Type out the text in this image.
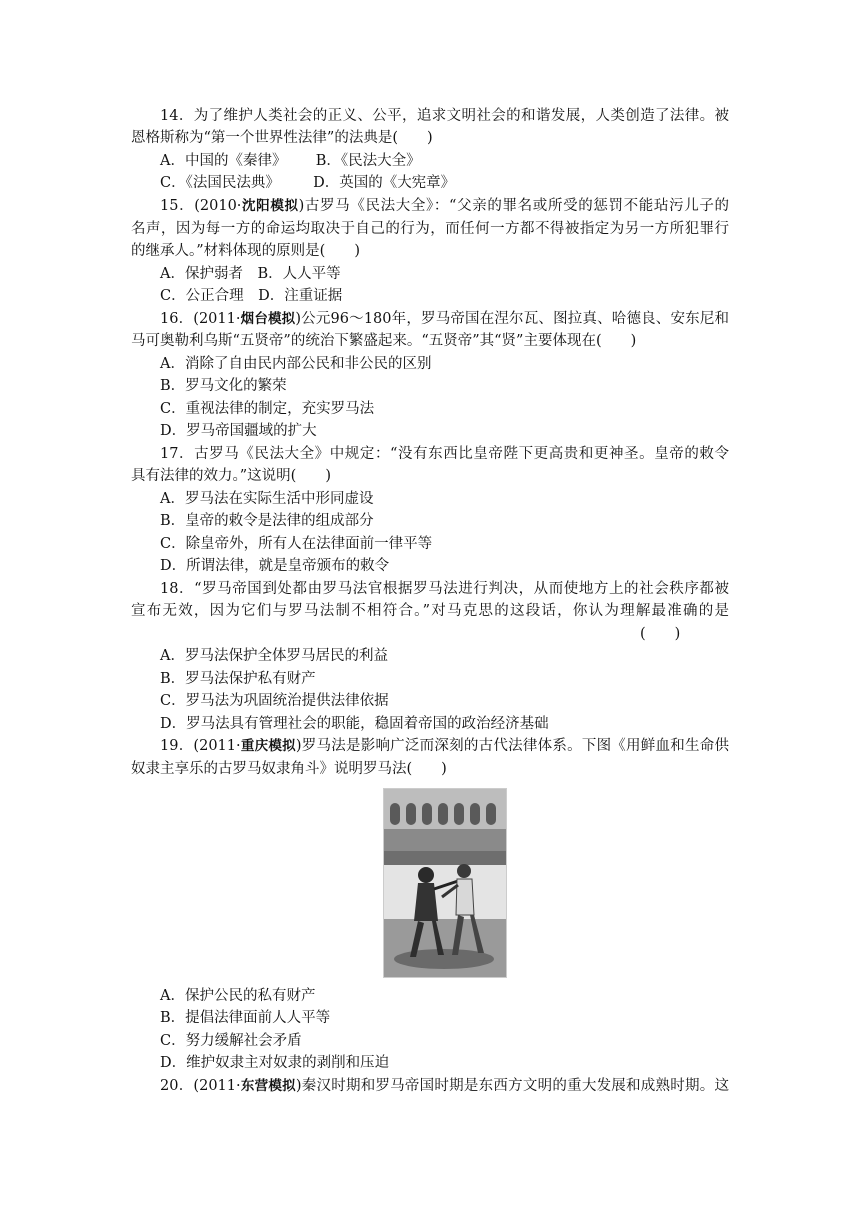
14．为了维护人类社会的正义、公平，追求文明社会的和谐发展，人类创造了法律。被
恩格斯称为“第一个世界性法律”的法典是(　　)
A．中国的《秦律》 B．《民法大全》
C．《法国民法典》 D．英国的《大宪章》
15．(2010·沈阳模拟)古罗马《民法大全》：“父亲的罪名或所受的惩罚不能玷污儿子的
名声，因为每一方的命运均取决于自己的行为，而任何一方都不得被指定为另一方所犯罪行
的继承人。”材料体现的原则是(　　)
A．保护弱者　B．人人平等
C．公正合理　D．注重证据
16．(2011·烟台模拟)公元96～180年，罗马帝国在涅尔瓦、图拉真、哈德良、安东尼和
马可奥勒利乌斯“五贤帝”的统治下繁盛起来。“五贤帝”其“贤”主要体现在(　　)
A．消除了自由民内部公民和非公民的区别
B．罗马文化的繁荣
C．重视法律的制定，充实罗马法
D．罗马帝国疆域的扩大
17．古罗马《民法大全》中规定：“没有东西比皇帝陛下更高贵和更神圣。皇帝的敕令
具有法律的效力。”这说明(　　)
A．罗马法在实际生活中形同虚设
B．皇帝的敕令是法律的组成部分
C．除皇帝外，所有人在法律面前一律平等
D．所谓法律，就是皇帝颁布的敕令
18．“罗马帝国到处都由罗马法官根据罗马法进行判决，从而使地方上的社会秩序都被
宣布无效，因为它们与罗马法制不相符合。”对马克思的这段话，你认为理解最准确的是
(　　)
A．罗马法保护全体罗马居民的利益
B．罗马法保护私有财产
C．罗马法为巩固统治提供法律依据
D．罗马法具有管理社会的职能，稳固着帝国的政治经济基础
19．(2011·重庆模拟)罗马法是影响广泛而深刻的古代法律体系。下图《用鲜血和生命供
奴隶主享乐的古罗马奴隶角斗》说明罗马法(　　)
A．保护公民的私有财产
B．提倡法律面前人人平等
C．努力缓解社会矛盾
D．维护奴隶主对奴隶的剥削和压迫
20．(2011·东营模拟)秦汉时期和罗马帝国时期是东西方文明的重大发展和成熟时期。这
